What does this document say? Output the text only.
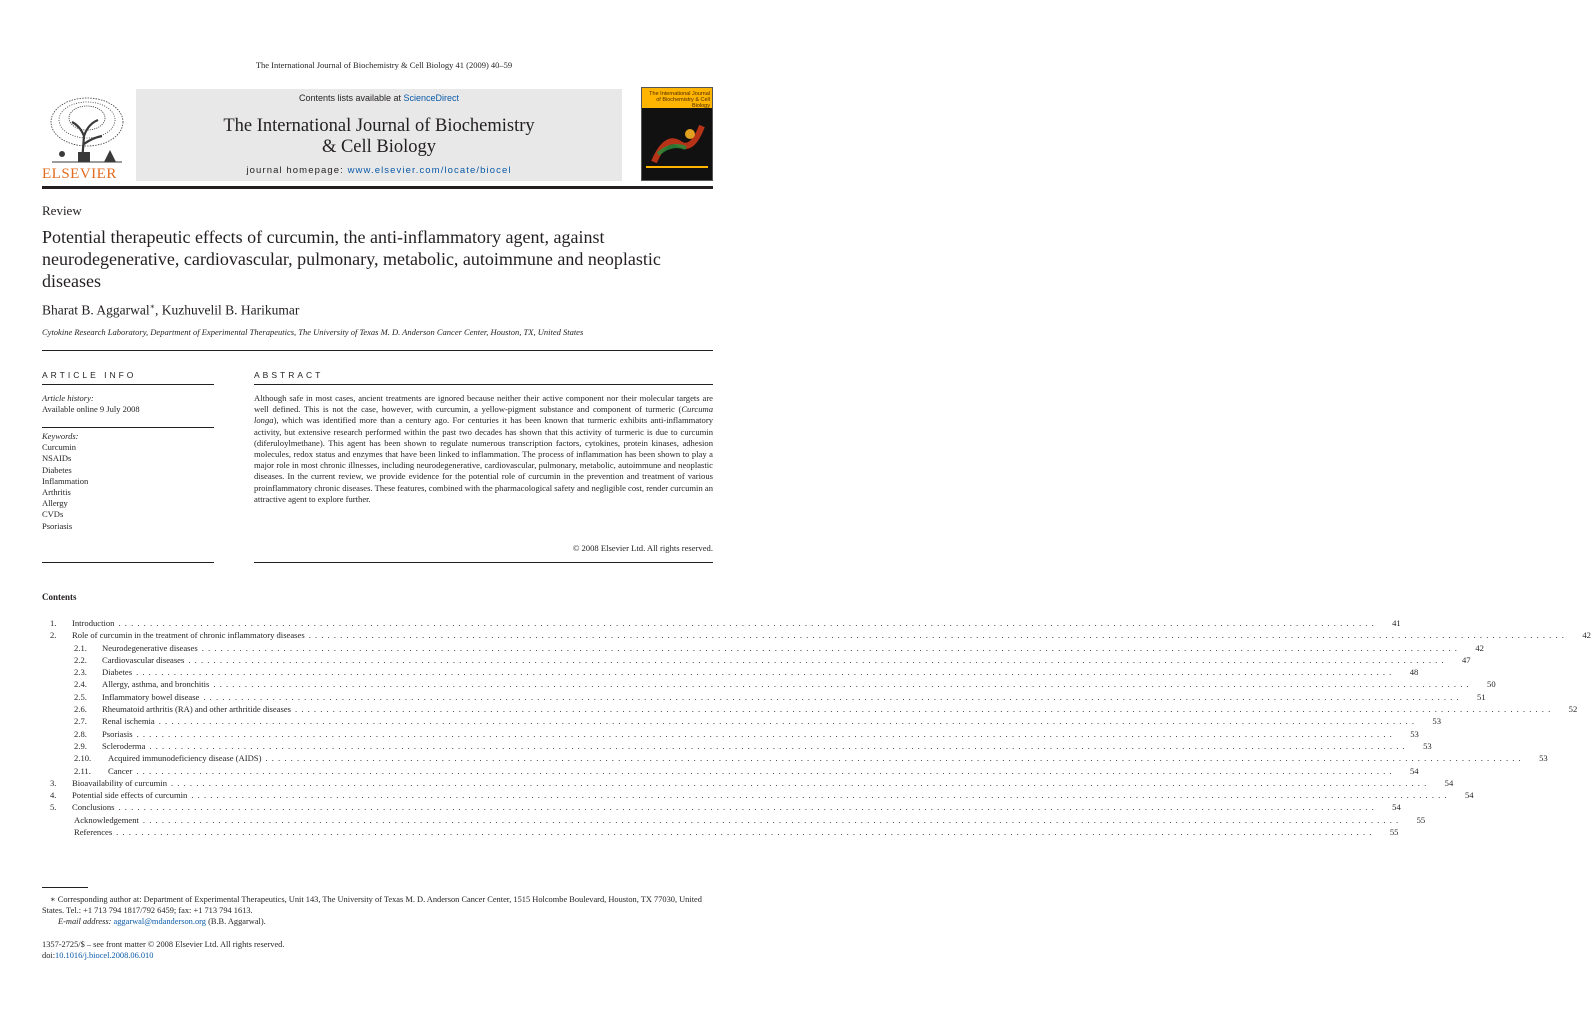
The International Journal of Biochemistry & Cell Biology 41 (2009) 40–59
ELSEVIER
Contents lists available at ScienceDirect
The International Journal of Biochemistry
& Cell Biology
journal homepage: www.elsevier.com/locate/biocel
The International Journal of Biochemistry & Cell Biology
Review
Potential therapeutic effects of curcumin, the anti-inflammatory agent, against neurodegenerative, cardiovascular, pulmonary, metabolic, autoimmune and neoplastic diseases
Bharat B. Aggarwal∗, Kuzhuvelil B. Harikumar
Cytokine Research Laboratory, Department of Experimental Therapeutics, The University of Texas M. D. Anderson Cancer Center, Houston, TX, United States
ARTICLE INFO
Article history:
Available online 9 July 2008
Keywords:
Curcumin
NSAIDs
Diabetes
Inflammation
Arthritis
Allergy
CVDs
Psoriasis
ABSTRACT
Although safe in most cases, ancient treatments are ignored because neither their active component nor their molecular targets are well defined. This is not the case, however, with curcumin, a yellow-pigment substance and component of turmeric (Curcuma longa), which was identified more than a century ago. For centuries it has been known that turmeric exhibits anti-inflammatory activity, but extensive research performed within the past two decades has shown that this activity of turmeric is due to curcumin (diferuloylmethane). This agent has been shown to regulate numerous transcription factors, cytokines, protein kinases, adhesion molecules, redox status and enzymes that have been linked to inflammation. The process of inflammation has been shown to play a major role in most chronic illnesses, including neurodegenerative, cardiovascular, pulmonary, metabolic, autoimmune and neoplastic diseases. In the current review, we provide evidence for the potential role of curcumin in the prevention and treatment of various proinflammatory chronic diseases. These features, combined with the pharmacological safety and negligible cost, render curcumin an attractive agent to explore further.
© 2008 Elsevier Ltd. All rights reserved.
Contents
1.	Introduction . . . . . . . . . . . . . . . . . . . . . . . . . . . . . . . . . . . . . . . . . . . . . . . . . . . . . . . . . . . . . . . . . . . . . . . . . . . . . . . . . . . . . . . . . . . . . . . . . . . . . . . . . . . . . . . . . . . . . . . . . . . . . . . . . . . . . . . . . . . . . . . . . . . . . . . . . . . . . . . . . . . . . . . . . . . . . . . . . . . . . . . . . . . . . . . . . . . . . . . .	41
2.	Role of curcumin in the treatment of chronic inflammatory diseases . . . . . . . . . . . . . . . . . . . . . . . . . . . . . . . . . . . . . . . . . . . . . . . . . . . . . . . . . . . . . . . . . . . . . . . . . . . . . . . . . . . . . . . . . . . . . . . . . . . . . . . . . . . . . . . . . . . . . . . . . . . . . . . . . . . . . . . . . . . . . . . . . . . . . . . . . . . . . . . . . . . . . . . . . . . . . . . . . . . . . . . . . . . . . . . . . . . . . . . .	42
2.1.	Neurodegenerative diseases . . . . . . . . . . . . . . . . . . . . . . . . . . . . . . . . . . . . . . . . . . . . . . . . . . . . . . . . . . . . . . . . . . . . . . . . . . . . . . . . . . . . . . . . . . . . . . . . . . . . . . . . . . . . . . . . . . . . . . . . . . . . . . . . . . . . . . . . . . . . . . . . . . . . . . . . . . . . . . . . . . . . . . . . . . . . . . . . . . . . . . . . . . . . . . . . . . . . . . . .	42
2.2.	Cardiovascular diseases . . . . . . . . . . . . . . . . . . . . . . . . . . . . . . . . . . . . . . . . . . . . . . . . . . . . . . . . . . . . . . . . . . . . . . . . . . . . . . . . . . . . . . . . . . . . . . . . . . . . . . . . . . . . . . . . . . . . . . . . . . . . . . . . . . . . . . . . . . . . . . . . . . . . . . . . . . . . . . . . . . . . . . . . . . . . . . . . . . . . . . . . . . . . . . . . . . . . . . . .	47
2.3.	Diabetes . . . . . . . . . . . . . . . . . . . . . . . . . . . . . . . . . . . . . . . . . . . . . . . . . . . . . . . . . . . . . . . . . . . . . . . . . . . . . . . . . . . . . . . . . . . . . . . . . . . . . . . . . . . . . . . . . . . . . . . . . . . . . . . . . . . . . . . . . . . . . . . . . . . . . . . . . . . . . . . . . . . . . . . . . . . . . . . . . . . . . . . . . . . . . . . . . . . . . . . .	48
2.4.	Allergy, asthma, and bronchitis . . . . . . . . . . . . . . . . . . . . . . . . . . . . . . . . . . . . . . . . . . . . . . . . . . . . . . . . . . . . . . . . . . . . . . . . . . . . . . . . . . . . . . . . . . . . . . . . . . . . . . . . . . . . . . . . . . . . . . . . . . . . . . . . . . . . . . . . . . . . . . . . . . . . . . . . . . . . . . . . . . . . . . . . . . . . . . . . . . . . . . . . . . . . . . . . . . . . . . . .	50
2.5.	Inflammatory bowel disease . . . . . . . . . . . . . . . . . . . . . . . . . . . . . . . . . . . . . . . . . . . . . . . . . . . . . . . . . . . . . . . . . . . . . . . . . . . . . . . . . . . . . . . . . . . . . . . . . . . . . . . . . . . . . . . . . . . . . . . . . . . . . . . . . . . . . . . . . . . . . . . . . . . . . . . . . . . . . . . . . . . . . . . . . . . . . . . . . . . . . . . . . . . . . . . . . . . . . . . .	51
2.6.	Rheumatoid arthritis (RA) and other arthritide diseases . . . . . . . . . . . . . . . . . . . . . . . . . . . . . . . . . . . . . . . . . . . . . . . . . . . . . . . . . . . . . . . . . . . . . . . . . . . . . . . . . . . . . . . . . . . . . . . . . . . . . . . . . . . . . . . . . . . . . . . . . . . . . . . . . . . . . . . . . . . . . . . . . . . . . . . . . . . . . . . . . . . . . . . . . . . . . . . . . . . . . . . . . . . . . . . . . . . . . . . .	52
2.7.	Renal ischemia . . . . . . . . . . . . . . . . . . . . . . . . . . . . . . . . . . . . . . . . . . . . . . . . . . . . . . . . . . . . . . . . . . . . . . . . . . . . . . . . . . . . . . . . . . . . . . . . . . . . . . . . . . . . . . . . . . . . . . . . . . . . . . . . . . . . . . . . . . . . . . . . . . . . . . . . . . . . . . . . . . . . . . . . . . . . . . . . . . . . . . . . . . . . . . . . . . . . . . . .	53
2.8.	Psoriasis . . . . . . . . . . . . . . . . . . . . . . . . . . . . . . . . . . . . . . . . . . . . . . . . . . . . . . . . . . . . . . . . . . . . . . . . . . . . . . . . . . . . . . . . . . . . . . . . . . . . . . . . . . . . . . . . . . . . . . . . . . . . . . . . . . . . . . . . . . . . . . . . . . . . . . . . . . . . . . . . . . . . . . . . . . . . . . . . . . . . . . . . . . . . . . . . . . . . . . . .	53
2.9.	Scleroderma . . . . . . . . . . . . . . . . . . . . . . . . . . . . . . . . . . . . . . . . . . . . . . . . . . . . . . . . . . . . . . . . . . . . . . . . . . . . . . . . . . . . . . . . . . . . . . . . . . . . . . . . . . . . . . . . . . . . . . . . . . . . . . . . . . . . . . . . . . . . . . . . . . . . . . . . . . . . . . . . . . . . . . . . . . . . . . . . . . . . . . . . . . . . . . . . . . . . . . . .	53
2.10.	Acquired immunodeficiency disease (AIDS) . . . . . . . . . . . . . . . . . . . . . . . . . . . . . . . . . . . . . . . . . . . . . . . . . . . . . . . . . . . . . . . . . . . . . . . . . . . . . . . . . . . . . . . . . . . . . . . . . . . . . . . . . . . . . . . . . . . . . . . . . . . . . . . . . . . . . . . . . . . . . . . . . . . . . . . . . . . . . . . . . . . . . . . . . . . . . . . . . . . . . . . . . . . . . . . . . . . . . . . .	53
2.11.	Cancer . . . . . . . . . . . . . . . . . . . . . . . . . . . . . . . . . . . . . . . . . . . . . . . . . . . . . . . . . . . . . . . . . . . . . . . . . . . . . . . . . . . . . . . . . . . . . . . . . . . . . . . . . . . . . . . . . . . . . . . . . . . . . . . . . . . . . . . . . . . . . . . . . . . . . . . . . . . . . . . . . . . . . . . . . . . . . . . . . . . . . . . . . . . . . . . . . . . . . . . .	54
3.	Bioavailability of curcumin . . . . . . . . . . . . . . . . . . . . . . . . . . . . . . . . . . . . . . . . . . . . . . . . . . . . . . . . . . . . . . . . . . . . . . . . . . . . . . . . . . . . . . . . . . . . . . . . . . . . . . . . . . . . . . . . . . . . . . . . . . . . . . . . . . . . . . . . . . . . . . . . . . . . . . . . . . . . . . . . . . . . . . . . . . . . . . . . . . . . . . . . . . . . . . . . . . . . . . . .	54
4.	Potential side effects of curcumin . . . . . . . . . . . . . . . . . . . . . . . . . . . . . . . . . . . . . . . . . . . . . . . . . . . . . . . . . . . . . . . . . . . . . . . . . . . . . . . . . . . . . . . . . . . . . . . . . . . . . . . . . . . . . . . . . . . . . . . . . . . . . . . . . . . . . . . . . . . . . . . . . . . . . . . . . . . . . . . . . . . . . . . . . . . . . . . . . . . . . . . . . . . . . . . . . . . . . . . .	54
5.	Conclusions . . . . . . . . . . . . . . . . . . . . . . . . . . . . . . . . . . . . . . . . . . . . . . . . . . . . . . . . . . . . . . . . . . . . . . . . . . . . . . . . . . . . . . . . . . . . . . . . . . . . . . . . . . . . . . . . . . . . . . . . . . . . . . . . . . . . . . . . . . . . . . . . . . . . . . . . . . . . . . . . . . . . . . . . . . . . . . . . . . . . . . . . . . . . . . . . . . . . . . . .	54
Acknowledgement . . . . . . . . . . . . . . . . . . . . . . . . . . . . . . . . . . . . . . . . . . . . . . . . . . . . . . . . . . . . . . . . . . . . . . . . . . . . . . . . . . . . . . . . . . . . . . . . . . . . . . . . . . . . . . . . . . . . . . . . . . . . . . . . . . . . . . . . . . . . . . . . . . . . . . . . . . . . . . . . . . . . . . . . . . . . . . . . . . . . . . . . . . . . . . . . . . . . . . . .	55
References . . . . . . . . . . . . . . . . . . . . . . . . . . . . . . . . . . . . . . . . . . . . . . . . . . . . . . . . . . . . . . . . . . . . . . . . . . . . . . . . . . . . . . . . . . . . . . . . . . . . . . . . . . . . . . . . . . . . . . . . . . . . . . . . . . . . . . . . . . . . . . . . . . . . . . . . . . . . . . . . . . . . . . . . . . . . . . . . . . . . . . . . . . . . . . . . . . . . . . . .	55
∗ Corresponding author at: Department of Experimental Therapeutics, Unit 143, The University of Texas M. D. Anderson Cancer Center, 1515 Holcombe Boulevard, Houston, TX 77030, United States. Tel.: +1 713 794 1817/792 6459; fax: +1 713 794 1613.
E-mail address: aggarwal@mdanderson.org (B.B. Aggarwal).
1357-2725/$ – see front matter © 2008 Elsevier Ltd. All rights reserved.
doi:10.1016/j.biocel.2008.06.010
